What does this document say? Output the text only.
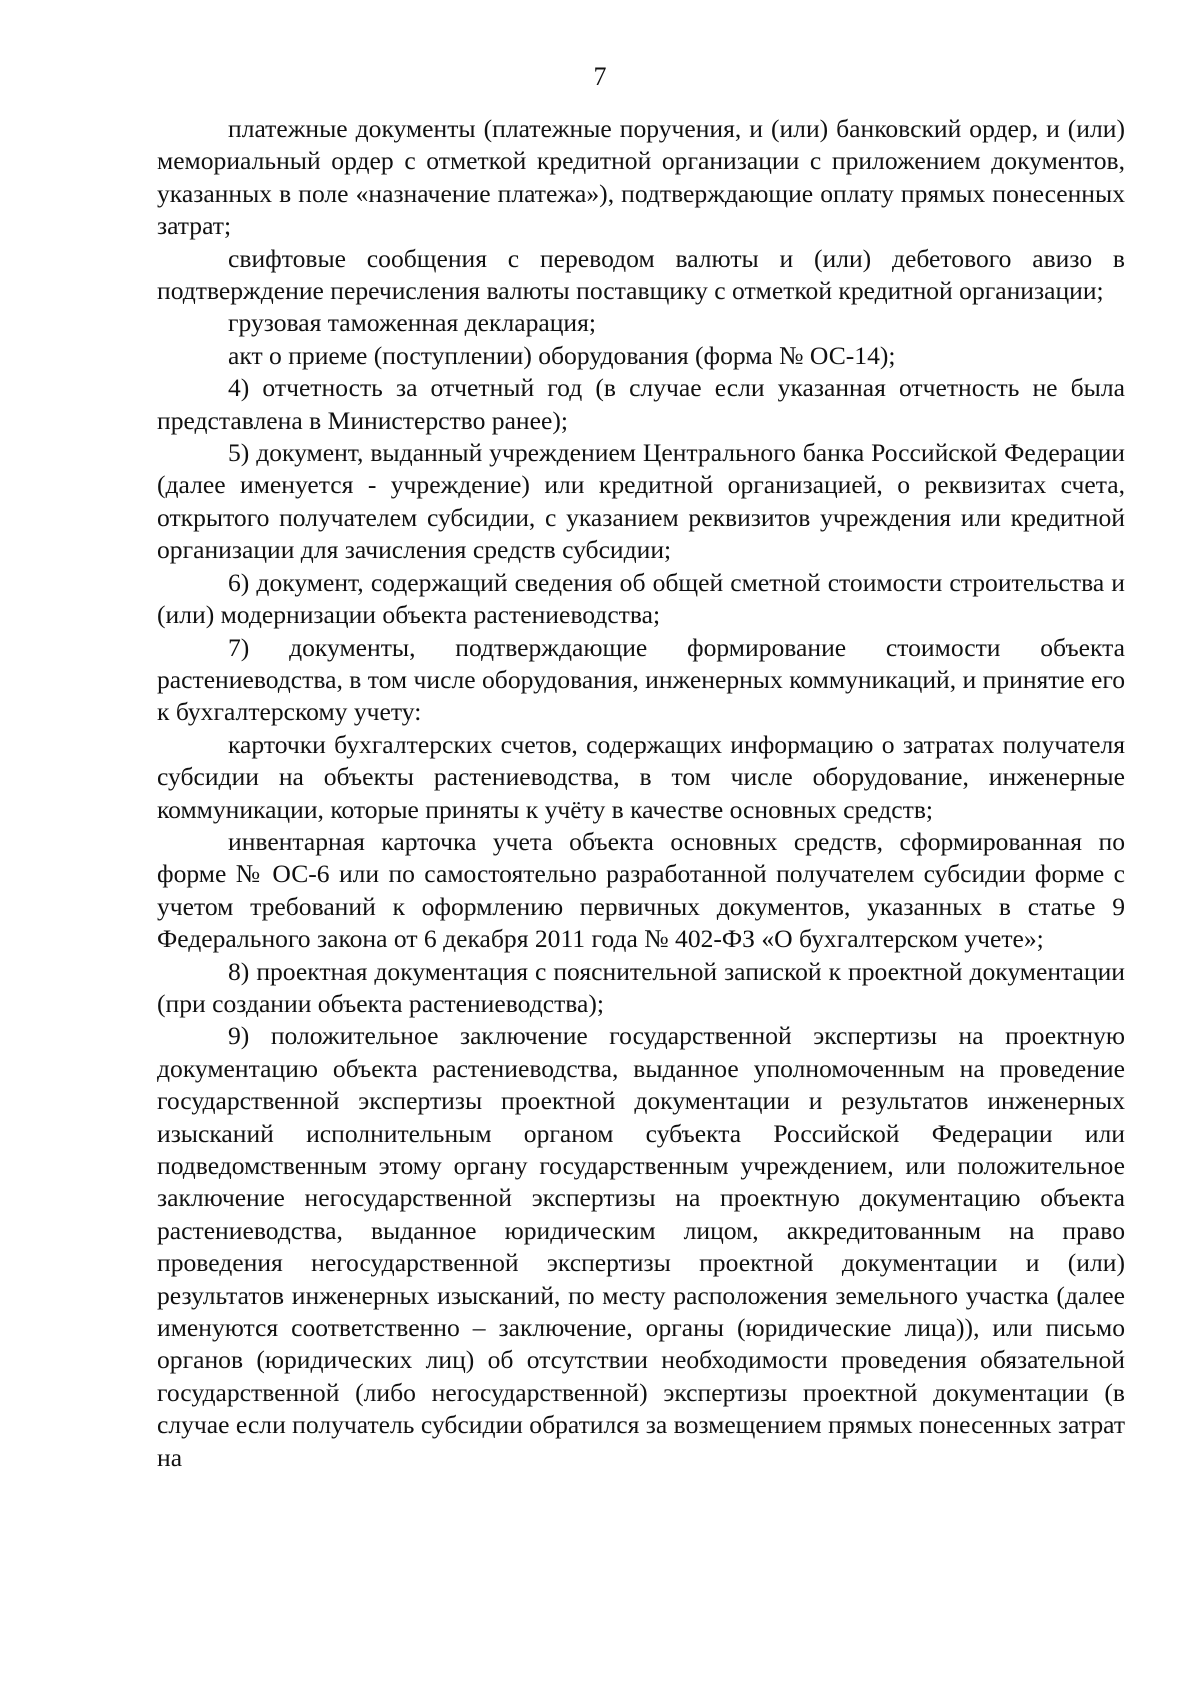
7

платежные документы (платежные поручения, и (или) банковский ордер, и (или) мемориальный ордер с отметкой кредитной организации с приложением документов, указанных в поле «назначение платежа»), подтверждающие оплату прямых понесенных затрат;

свифтовые сообщения с переводом валюты и (или) дебетового авизо в подтверждение перечисления валюты поставщику с отметкой кредитной организации;

грузовая таможенная декларация;

акт о приеме (поступлении) оборудования (форма № ОС-14);

4) отчетность за отчетный год (в случае если указанная отчетность не была представлена в Министерство ранее);

5) документ, выданный учреждением Центрального банка Российской Федерации (далее именуется - учреждение) или кредитной организацией, о реквизитах счета, открытого получателем субсидии, с указанием реквизитов учреждения или кредитной организации для зачисления средств субсидии;

6) документ, содержащий сведения об общей сметной стоимости строительства и (или) модернизации объекта растениеводства;

7) документы, подтверждающие формирование стоимости объекта растениеводства, в том числе оборудования, инженерных коммуникаций, и принятие его к бухгалтерскому учету:

карточки бухгалтерских счетов, содержащих информацию о затратах получателя субсидии на объекты растениеводства, в том числе оборудование, инженерные коммуникации, которые приняты к учёту в качестве основных средств;

инвентарная карточка учета объекта основных средств, сформированная по форме № ОС-6 или по самостоятельно разработанной получателем субсидии форме с учетом требований к оформлению первичных документов, указанных в статье 9 Федерального закона от 6 декабря 2011 года № 402-ФЗ «О бухгалтерском учете»;

8) проектная документация с пояснительной запиской к проектной документации (при создании объекта растениеводства);

9) положительное заключение государственной экспертизы на проектную документацию объекта растениеводства, выданное уполномоченным на проведение государственной экспертизы проектной документации и результатов инженерных изысканий исполнительным органом субъекта Российской Федерации или подведомственным этому органу государственным учреждением, или положительное заключение негосударственной экспертизы на проектную документацию объекта растениеводства, выданное юридическим лицом, аккредитованным на право проведения негосударственной экспертизы проектной документации и (или) результатов инженерных изысканий, по месту расположения земельного участка (далее именуются соответственно – заключение, органы (юридические лица)), или письмо органов (юридических лиц) об отсутствии необходимости проведения обязательной государственной (либо негосударственной) экспертизы проектной документации (в случае если получатель субсидии обратился за возмещением прямых понесенных затрат на
